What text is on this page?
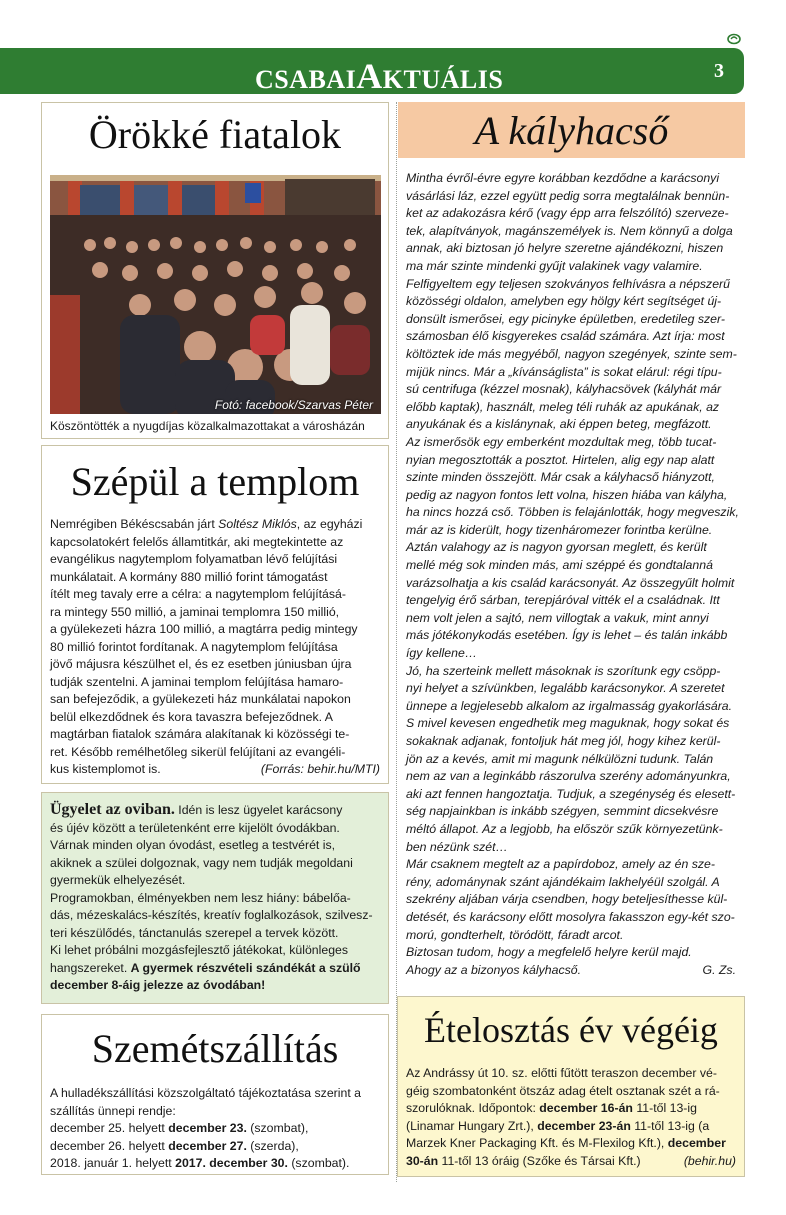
CSABAIAKTUÁLIS	3
Örökké fiatalok
Fotó: facebook/Szarvas Péter
Köszöntötték a nyugdíjas közalkalmazottakat a városházán
Szépül a templom
Nemrégiben Békéscsabán járt Soltész Miklós, az egyházi
kapcsolatokért felelős államtitkár, aki megtekintette az
evangélikus nagytemplom folyamatban lévő felújítási
munkálatait. A kormány 880 millió forint támogatást
ítélt meg tavaly erre a célra: a nagytemplom felújításá-
ra mintegy 550 millió, a jaminai templomra 150 millió,
a gyülekezeti házra 100 millió, a magtárra pedig mintegy
80 millió forintot fordítanak. A nagytemplom felújítása
jövő májusra készülhet el, és ez esetben júniusban újra
tudják szentelni. A jaminai templom felújítása hamaro-
san befejeződik, a gyülekezeti ház munkálatai napokon
belül elkezdődnek és kora tavaszra befejeződnek. A
magtárban fiatalok számára alakítanak ki közösségi te-
ret. Később remélhetőleg sikerül felújítani az evangéli-
kus kistemplomot is.	(Forrás: behir.hu/MTI)
Ügyelet az oviban. Idén is lesz ügyelet karácsony
és újév között a területenként erre kijelölt óvodákban.
Várnak minden olyan óvodást, esetleg a testvérét is,
akiknek a szülei dolgoznak, vagy nem tudják megoldani
gyermekük elhelyezését.
Programokban, élményekben nem lesz hiány: bábelőa-
dás, mézeskalács-készítés, kreatív foglalkozások, szilvesz-
teri készülődés, tánctanulás szerepel a tervek között.
Ki lehet próbálni mozgásfejlesztő játékokat, különleges
hangszereket. A gyermek részvételi szándékát a szülő
december 8-áig jelezze az óvodában!
Szemétszállítás
A hulladékszállítási közszolgáltató tájékoztatása szerint a
szállítás ünnepi rendje:
december 25. helyett december 23. (szombat),
december 26. helyett december 27. (szerda),
2018. január 1. helyett 2017. december 30. (szombat).
A kályhacső
Mintha évről-évre egyre korábban kezdődne a karácsonyi
vásárlási láz, ezzel együtt pedig sorra megtalálnak bennün-
ket az adakozásra kérő (vagy épp arra felszólító) szerveze-
tek, alapítványok, magánszemélyek is. Nem könnyű a dolga
annak, aki biztosan jó helyre szeretne ajándékozni, hiszen
ma már szinte mindenki gyűjt valakinek vagy valamire.
Felfigyeltem egy teljesen szokványos felhívásra a népszerű
közösségi oldalon, amelyben egy hölgy kért segítséget új-
donsült ismerősei, egy picinyke épületben, eredetileg szer-
számosban élő kisgyerekes család számára. Azt írja: most
költöztek ide más megyéből, nagyon szegények, szinte sem-
mijük nincs. Már a „kívánságlista” is sokat elárul: régi típu-
sú centrifuga (kézzel mosnak), kályhacsövek (kályhát már
előbb kaptak), használt, meleg téli ruhák az apukának, az
anyukának és a kislánynak, aki éppen beteg, megfázott.
Az ismerősök egy emberként mozdultak meg, több tucat-
nyian megosztották a posztot. Hirtelen, alig egy nap alatt
szinte minden összejött. Már csak a kályhacső hiányzott,
pedig az nagyon fontos lett volna, hiszen hiába van kályha,
ha nincs hozzá cső. Többen is felajánlották, hogy megveszik,
már az is kiderült, hogy tizenháromezer forintba kerülne.
Aztán valahogy az is nagyon gyorsan meglett, és került
mellé még sok minden más, ami széppé és gondtalanná
varázsolhatja a kis család karácsonyát. Az összegyűlt holmit
tengelyig érő sárban, terepjáróval vitték el a családnak. Itt
nem volt jelen a sajtó, nem villogtak a vakuk, mint annyi
más jótékonykodás esetében. Így is lehet – és talán inkább
így kellene…
Jó, ha szerteink mellett másoknak is szorítunk egy csöpp-
nyi helyet a szívünkben, legalább karácsonykor. A szeretet
ünnepe a legjelesebb alkalom az irgalmasság gyakorlására.
S mivel kevesen engedhetik meg maguknak, hogy sokat és
sokaknak adjanak, fontoljuk hát meg jól, hogy kihez kerül-
jön az a kevés, amit mi magunk nélkülözni tudunk. Talán
nem az van a leginkább rászorulva szerény adományunkra,
aki azt fennen hangoztatja. Tudjuk, a szegénység és elesett-
ség napjainkban is inkább szégyen, semmint dicsekvésre
méltó állapot. Az a legjobb, ha először szűk környezetünk-
ben nézünk szét…
Már csaknem megtelt az a papírdoboz, amely az én sze-
rény, adománynak szánt ajándékaim lakhelyéül szolgál. A
szekrény aljában várja csendben, hogy beteljesíthesse kül-
detését, és karácsony előtt mosolyra fakasszon egy-két szo-
morú, gondterhelt, töródött, fáradt arcot.
Biztosan tudom, hogy a megfelelő helyre kerül majd.
Ahogy az a bizonyos kályhacső.	G. Zs.
Ételosztás év végéig
Az Andrássy út 10. sz. előtti fűtött teraszon december vé-
géig szombatonként ötszáz adag ételt osztanak szét a rá-
szorulóknak. Időpontok: december 16-án 11-től 13-ig
(Linamar Hungary Zrt.), december 23-án 11-től 13-ig (a
Marzek Kner Packaging Kft. és M-Flexilog Kft.), december
30-án 11-től 13 óráig (Szőke és Társai Kft.)	(behir.hu)
